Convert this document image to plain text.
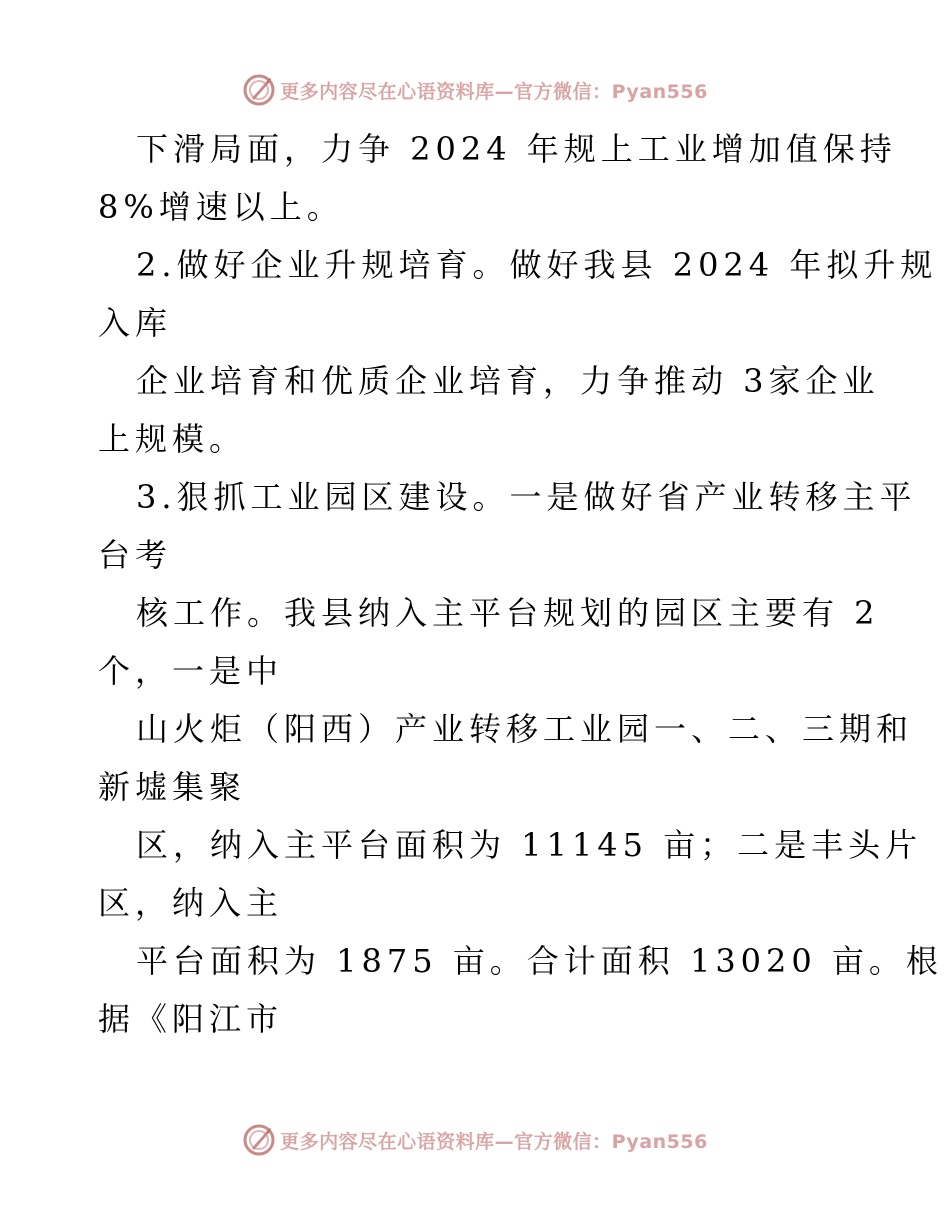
更多内容尽在心语资料库—官方微信：Pyan556
下滑局面，力争 2024 年规上工业增加值保持
8%增速以上。
2.做好企业升规培育。做好我县 2024 年拟升规
入库
企业培育和优质企业培育，力争推动 3家企业
上规模。
3.狠抓工业园区建设。一是做好省产业转移主平
台考
核工作。我县纳入主平台规划的园区主要有 2
个，一是中
山火炬（阳西）产业转移工业园一、二、三期和
新墟集聚
区，纳入主平台面积为 11145 亩；二是丰头片
区，纳入主
平台面积为 1875 亩。合计面积 13020 亩。根
据《阳江市
更多内容尽在心语资料库—官方微信：Pyan556
